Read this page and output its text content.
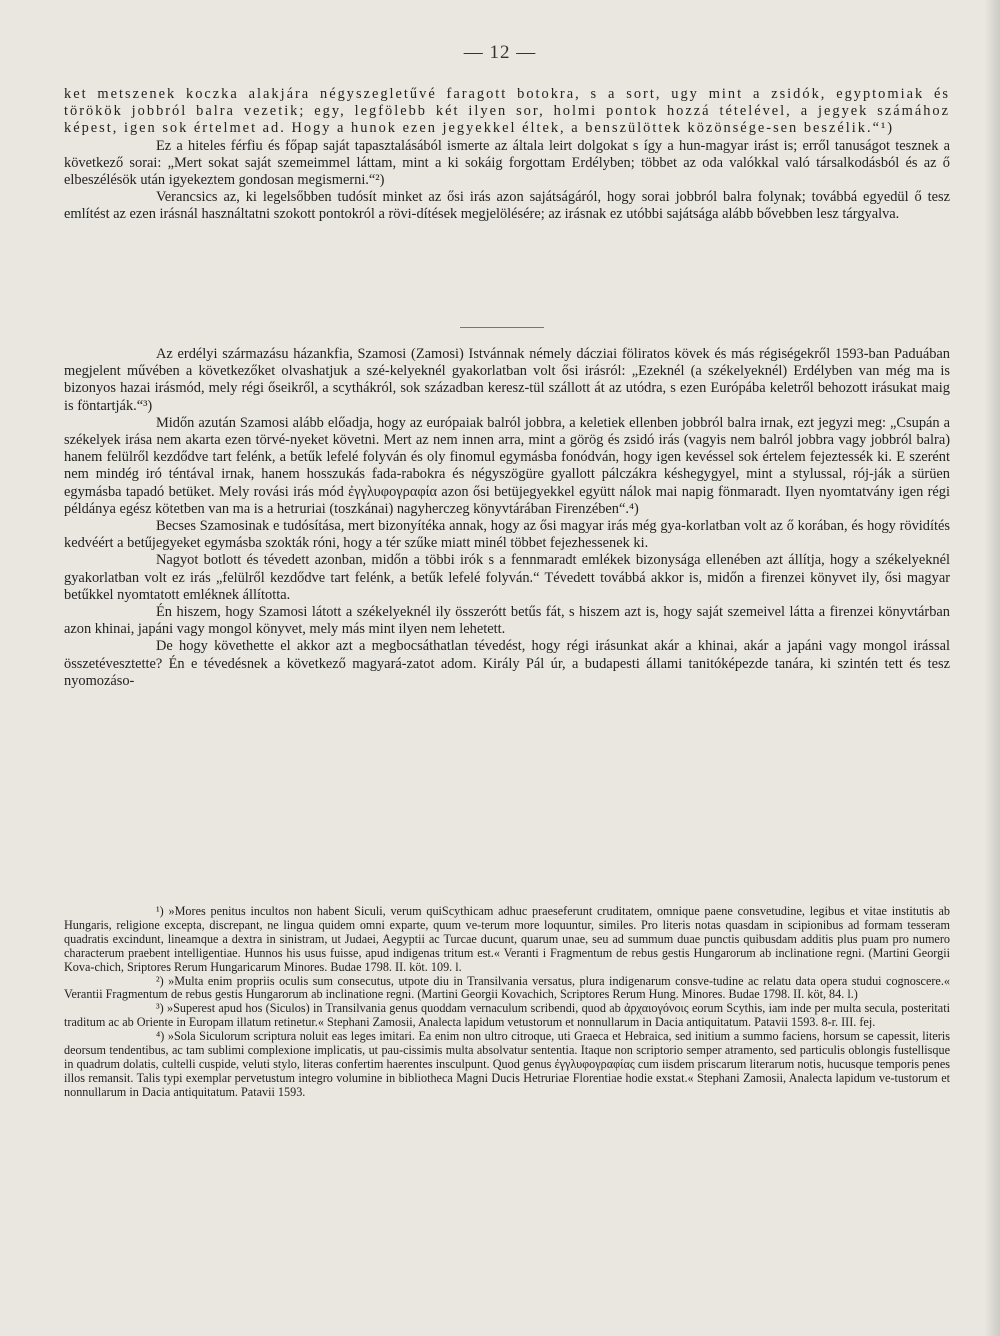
— 12 —

ket metszenek koczka alakjára négyszegletűvé faragott botokra, s a sort, ugy mint a zsidók, egyptomiak és törökök jobbról balra vezetik; egy, legfölebb két ilyen sor, holmi pontok hozzá tételével, a jegyek számához képest, igen sok értelmet ad. Hogy a hunok ezen jegyekkel éltek, a benszülöttek közönsége-sen beszélik.“¹)

Ez a hiteles férfiu és főpap saját tapasztalásából ismerte az általa leirt dolgokat s így a hun-magyar irást is; erről tanuságot tesznek a következő sorai: „Mert sokat saját szemeimmel láttam, mint a ki sokáig forgottam Erdélyben; többet az oda valókkal való társalkodásból és az ő elbeszélésök után igyekeztem gondosan megismerni.“²)

Verancsics az, ki legelsőbben tudósít minket az ősi irás azon sajátságáról, hogy sorai jobbról balra folynak; továbbá egyedül ő tesz említést az ezen irásnál használtatni szokott pontokról a rövi-dítések megjelölésére; az irásnak ez utóbbi sajátsága alább bővebben lesz tárgyalva.

Az erdélyi származásu házankfia, Szamosi (Zamosi) Istvánnak némely dácziai föliratos kövek és más régiségekről 1593-ban Paduában megjelent művében a következőket olvashatjuk a szé-kelyeknél gyakorlatban volt ősi irásról: „Ezeknél (a székelyeknél) Erdélyben van még ma is bizonyos hazai irásmód, mely régi őseikről, a scythákról, sok században keresz-tül szállott át az utódra, s ezen Európába keletről behozott irásukat maig is föntartják.“³)

Midőn azután Szamosi alább előadja, hogy az európaiak balról jobbra, a keletiek ellenben jobbról balra irnak, ezt jegyzi meg: „Csupán a székelyek irása nem akarta ezen törvé-nyeket követni. Mert az nem innen arra, mint a görög és zsidó irás (vagyis nem balról jobbra vagy jobbról balra) hanem felülről kezdődve tart felénk, a betűk lefelé folyván és oly finomul egymásba fonódván, hogy igen kevéssel sok értelem fejeztessék ki. E szerént nem mindég iró téntával irnak, hanem hosszukás fada-rabokra és négyszögüre gyallott pálczákra késhegygyel, mint a stylussal, rój-ják a sürüen egymásba tapadó betüket. Mely rovási irás mód ἐγγλυφογραφία azon ősi betüjegyekkel együtt nálok mai napig fönmaradt. Ilyen nyomtatvány igen régi példánya egész kötetben van ma is a hetruriai (toszkánai) nagyherczeg könyvtárában Firenzében“.⁴)

Becses Szamosinak e tudósítása, mert bizonyítéka annak, hogy az ősi magyar irás még gya-korlatban volt az ő korában, és hogy rövidítés kedvéért a betűjegyeket egymásba szokták róni, hogy a tér szűke miatt minél többet fejezhessenek ki.

Nagyot botlott és tévedett azonban, midőn a többi irók s a fennmaradt emlékek bizonysága ellenében azt állítja, hogy a székelyeknél gyakorlatban volt ez irás „felülről kezdődve tart felénk, a betűk lefelé folyván.“ Tévedett továbbá akkor is, midőn a firenzei könyvet ily, ősi magyar betűkkel nyomtatott emléknek állította.

Én hiszem, hogy Szamosi látott a székelyeknél ily összerótt betűs fát, s hiszem azt is, hogy saját szemeivel látta a firenzei könyvtárban azon khinai, japáni vagy mongol könyvet, mely más mint ilyen nem lehetett.

De hogy követhette el akkor azt a megbocsáthatlan tévedést, hogy régi irásunkat akár a khinai, akár a japáni vagy mongol irással összetévesztette? Én e tévedésnek a következő magyará-zatot adom. Király Pál úr, a budapesti állami tanitóképezde tanára, ki szintén tett és tesz nyomozáso-

¹) »Mores penitus incultos non habent Siculi, verum quiScythicam adhuc praeseferunt cruditatem, omnique paene consvetudine, legibus et vitae institutis ab Hungaris, religione excepta, discrepant, ne lingua quidem omni exparte, quum ve-terum more loquuntur, similes. Pro literis notas quasdam in scipionibus ad formam tesseram quadratis excindunt, lineamque a dextra in sinistram, ut Judaei, Aegyptii ac Turcae ducunt, quarum unae, seu ad summum duae punctis quibusdam additis plus puam pro numero characterum praebent intelligentiae. Hunnos his usus fuisse, apud indigenas tritum est.« Veranti i Fragmentum de rebus gestis Hungarorum ab inclinatione regni. (Martini Georgii Kova-chich, Sriptores Rerum Hungaricarum Minores. Budae 1798. II. köt. 109. l.

²) »Multa enim propriis oculis sum consecutus, utpote diu in Transilvania versatus, plura indigenarum consve-tudine ac relatu data opera studui cognoscere.« Verantii Fragmentum de rebus gestis Hungarorum ab inclinatione regni. (Martini Georgii Kovachich, Scriptores Rerum Hung. Minores. Budae 1798. II. köt, 84. l.)

³) »Superest apud hos (Siculos) in Transilvania genus quoddam vernaculum scribendi, quod ab ἀρχαιογόνοις eorum Scythis, iam inde per multa secula, posteritati traditum ac ab Oriente in Europam illatum retinetur.« Stephani Zamosii, Analecta lapidum vetustorum et nonnullarum in Dacia antiquitatum. Patavii 1593. 8-r. III. fej.

⁴) »Sola Siculorum scriptura noluit eas leges imitari. Ea enim non ultro citroque, uti Graeca et Hebraica, sed initium a summo faciens, horsum se capessit, literis deorsum tendentibus, ac tam sublimi complexione implicatis, ut pau-cissimis multa absolvatur sententia. Itaque non scriptorio semper atramento, sed particulis oblongis fustellisque in quadrum dolatis, cultelli cuspide, veluti stylo, literas confertim haerentes insculpunt. Quod genus ἐγγλυφογραφίας cum iisdem priscarum literarum notis, hucusque temporis penes illos remansit. Talis typi exemplar pervetustum integro volumine in bibliotheca Magni Ducis Hetruriae Florentiae hodie exstat.« Stephani Zamosii, Analecta lapidum ve-tustorum et nonnullarum in Dacia antiquitatum. Patavii 1593.
